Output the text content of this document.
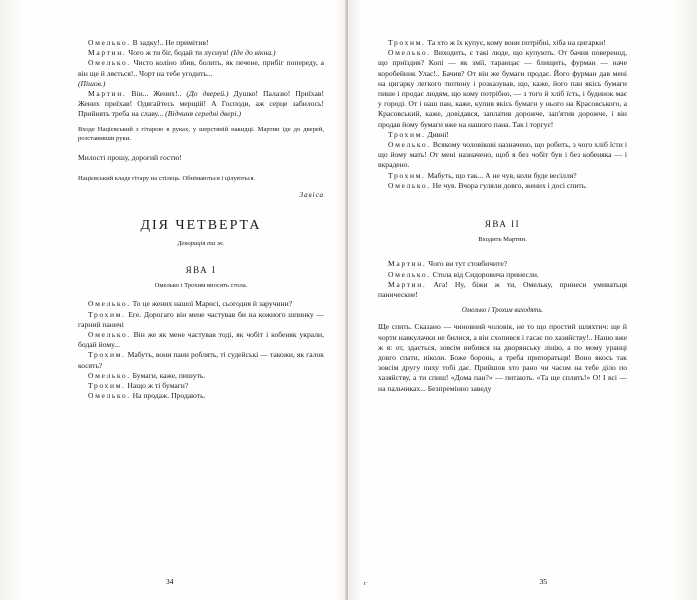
Омелько. В задку!.. Не примітив!

Мартин. Чого ж ти біг, бодай ти луснув! (Іде до вікна.)

Омелько. Чисто коліно збив, болить, як печене, прибіг попереду, а він ще й ляється!.. Чорт на тебе угодить...

(Пішов.)

Мартин. Він... Жених!.. (До дверей.) Душко! Палазю! Приїхав! Жених приїхав! Одягайтесь мерщій! А Господи, аж серце забилось! Прийнять треба на славу... (Відчиня середні двері.)

Входе Націєвський з гітарою в руках, у шерстяній накидці. Мартин іде до дверей, розставивши руки.

Милості прошу, дорогий гостю!

Націєвський кладе гітару на стілець. Обнімаються і цілуються.

Завіса

ДІЯ ЧЕТВЕРТА

Декорація та ж.

ЯВА I

Омелько і Трохим вносять стола.

Омелько. То це жених нашої Марисі, сьогодня й заручини?

Трохим. Еге. Дорогаго він мене частував би на кожного шпинку — гарний паничі

Омелько. Він же як мене частував тоді, як чобіт і кобеняк украли, бодай йому...

Трохим. Мабуть, вони пани роблять, ті судейські — такожи, як галок косять?

Омелько. Бумаги, каже, пишуть.

Трохим. Нащо ж ті бумаги?

Омелько. На продаж. Продають.

34

Трохим. Та хто ж їх купує, кому вони потрібні, хіба на цигарки!

Омелько. Виходить, є такі люде, що купують. От бачив поверенод, що приїздив? Копі — як змії, таранцає — блищить, фурман — наче коробейник Улас!.. Бачив? От він же бумаги продає. Його фурман дав мені на цигарку легкого тютюну і розказував, що, каже, його пан якісь бумаги пише і продає людям, що кому потрібно, — з того й хліб їсть, і будинок має у городі. От і наш пан, каже, купив якісь бумаги у нього на Красовського, а Красовський, каже, довідався, заплатив дорожче, зап'ятив дорожче, і він продав йому бумаги вже на нашого пана. Так і торгує!

Трохим. Дивні!

Омелько. Всякому чоловікові назначено, що робить, з чого хліб їсти і що йому мать! От мені назначено, щоб я без чобіт був і без кобеняка — і вкрадено.

Трохим. Мабуть, що так... А не чув, коли буде весілля?

Омелько. Не чув. Вчора гуляли довго, жених і досі спить.

ЯВА II

Входить Мартин.

Мартин. Чого ви тут стовбичите?

Омелько. Стола від Сидоровича принесли.

Мартин. Ага! Ну, біжи ж ти, Омельку, принеси умиватьця панические!

Омелько і Трохим виходять.

Ще спить. Сказано — чиновний чоловік, не то що простий шляхтич: ще й чорти навкулачки не билися, а він схопився і гасає по хазяйству!.. Нашо вже ж я: от, здається, зовсім вибився на дворянську лінію, а по мому уранці довго спати, ніколи. Боже боронь, а треба припоратьця! Воно якось так зовсім другу пиху тобі дає. Прийшов хто рано чи часом на тебе діло по хазяйству, а ти спиш! «Дома пан?» — питають. «Та ще сплять!» О! I всі — на пальчиках... Безпремінно заведу

г	35
